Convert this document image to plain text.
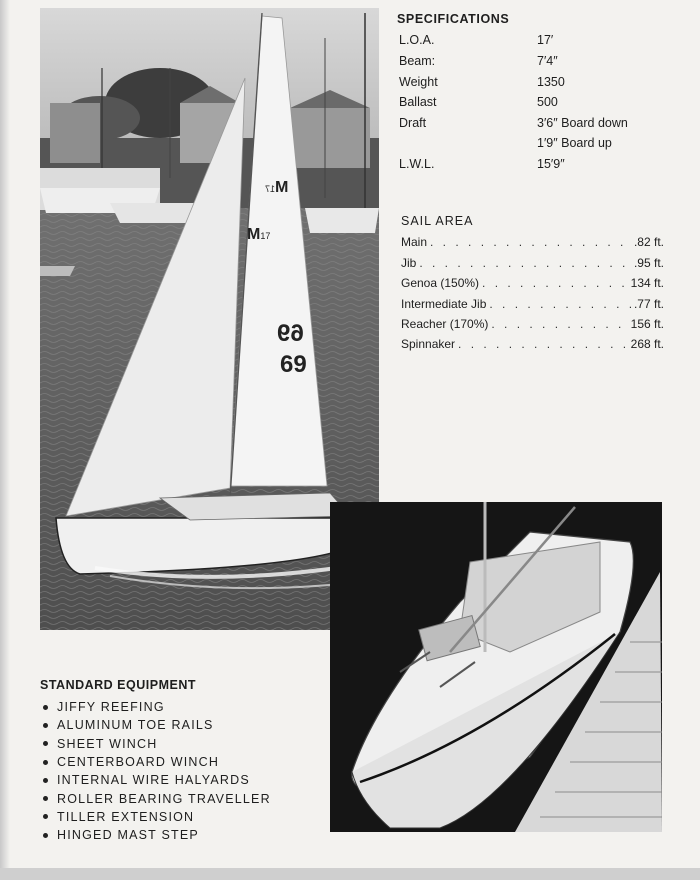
M17
M17
69
69
SPECIFICATIONS
L.O.A.	17′
Beam:	7′4″
Weight	1350
Ballast	500
Draft	3′6″ Board down
1′9″ Board up
L.W.L.	15′9″
SAIL AREA
Main . . .	.82 ft.
Jib . . .	.95 ft.
Genoa (150%) . . .	134 ft.
Intermediate Jib . . .	.77 ft.
Reacher (170%) . . .	156 ft.
Spinnaker . . .	268 ft.
STANDARD EQUIPMENT
JIFFY REEFING
ALUMINUM TOE RAILS
SHEET WINCH
CENTERBOARD WINCH
INTERNAL WIRE HALYARDS
ROLLER BEARING TRAVELLER
TILLER EXTENSION
HINGED MAST STEP
